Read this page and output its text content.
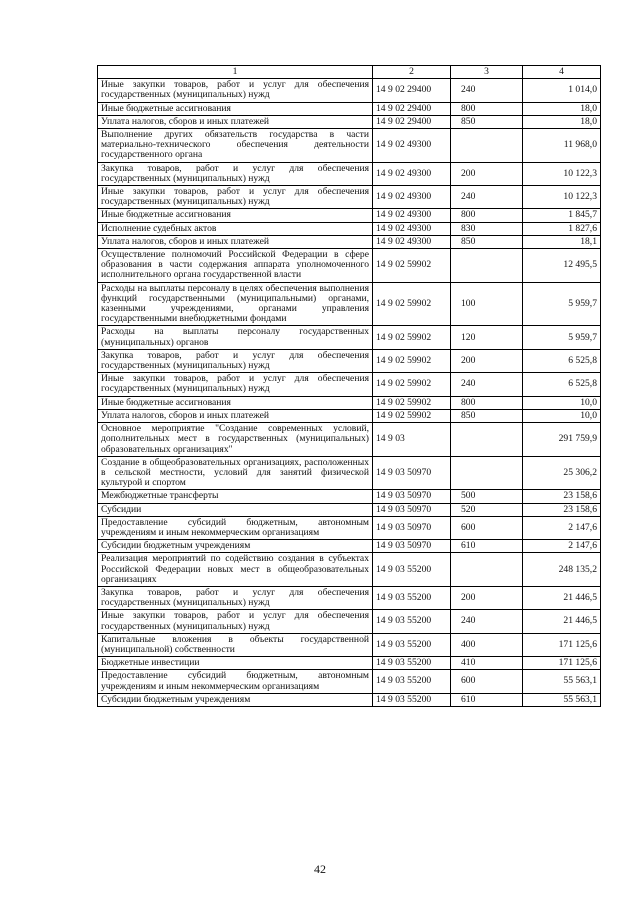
1	2	3	4
Иные закупки товаров, работ и услуг для обеспечения государственных (муниципальных) нужд	14 9 02 29400	240	1 014,0
Иные бюджетные ассигнования	14 9 02 29400	800	18,0
Уплата налогов, сборов и иных платежей	14 9 02 29400	850	18,0
Выполнение других обязательств государства в части материально-технического обеспечения деятельности государственного органа	14 9 02 49300		11 968,0
Закупка товаров, работ и услуг для обеспечения государственных (муниципальных) нужд	14 9 02 49300	200	10 122,3
Иные закупки товаров, работ и услуг для обеспечения государственных (муниципальных) нужд	14 9 02 49300	240	10 122,3
Иные бюджетные ассигнования	14 9 02 49300	800	1 845,7
Исполнение судебных актов	14 9 02 49300	830	1 827,6
Уплата налогов, сборов и иных платежей	14 9 02 49300	850	18,1
Осуществление полномочий Российской Федерации в сфере образования в части содержания аппарата уполномоченного исполнительного органа государственной власти	14 9 02 59902		12 495,5
Расходы на выплаты персоналу в целях обеспечения выполнения функций государственными (муниципальными) органами, казенными учреждениями, органами управления государственными внебюджетными фондами	14 9 02 59902	100	5 959,7
Расходы на выплаты персоналу государственных (муниципальных) органов	14 9 02 59902	120	5 959,7
Закупка товаров, работ и услуг для обеспечения государственных (муниципальных) нужд	14 9 02 59902	200	6 525,8
Иные закупки товаров, работ и услуг для обеспечения государственных (муниципальных) нужд	14 9 02 59902	240	6 525,8
Иные бюджетные ассигнования	14 9 02 59902	800	10,0
Уплата налогов, сборов и иных платежей	14 9 02 59902	850	10,0
Основное мероприятие "Создание современных условий, дополнительных мест в государственных (муниципальных) образовательных организациях"	14 9 03		291 759,9
Создание в общеобразовательных организациях, расположенных в сельской местности, условий для занятий физической культурой и спортом	14 9 03 50970		25 306,2
Межбюджетные трансферты	14 9 03 50970	500	23 158,6
Субсидии	14 9 03 50970	520	23 158,6
Предоставление субсидий бюджетным, автономным учреждениям и иным некоммерческим организациям	14 9 03 50970	600	2 147,6
Субсидии бюджетным учреждениям	14 9 03 50970	610	2 147,6
Реализация мероприятий по содействию создания в субъектах Российской Федерации новых мест в общеобразовательных организациях	14 9 03 55200		248 135,2
Закупка товаров, работ и услуг для обеспечения государственных (муниципальных) нужд	14 9 03 55200	200	21 446,5
Иные закупки товаров, работ и услуг для обеспечения государственных (муниципальных) нужд	14 9 03 55200	240	21 446,5
Капитальные вложения в объекты государственной (муниципальной) собственности	14 9 03 55200	400	171 125,6
Бюджетные инвестиции	14 9 03 55200	410	171 125,6
Предоставление субсидий бюджетным, автономным учреждениям и иным некоммерческим организациям	14 9 03 55200	600	55 563,1
Субсидии бюджетным учреждениям	14 9 03 55200	610	55 563,1
42
